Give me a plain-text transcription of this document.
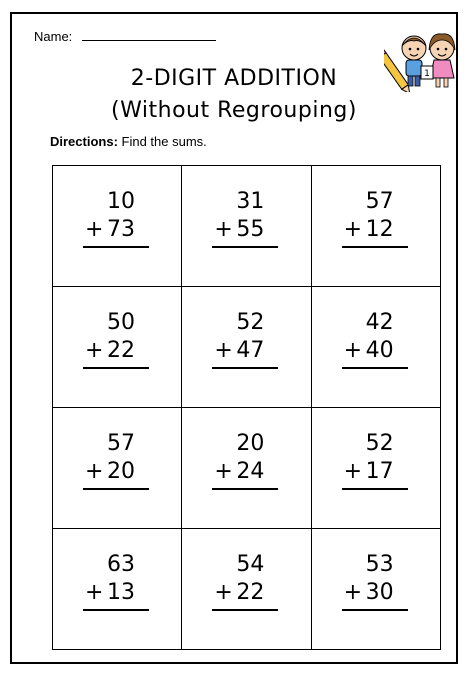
Name:
1
2-DIGIT ADDITION
(Without Regrouping)
Directions: Find the sums.
10
+ 73
31
+ 55
57
+ 12
50
+ 22
52
+ 47
42
+ 40
57
+ 20
20
+ 24
52
+ 17
63
+ 13
54
+ 22
53
+ 30
